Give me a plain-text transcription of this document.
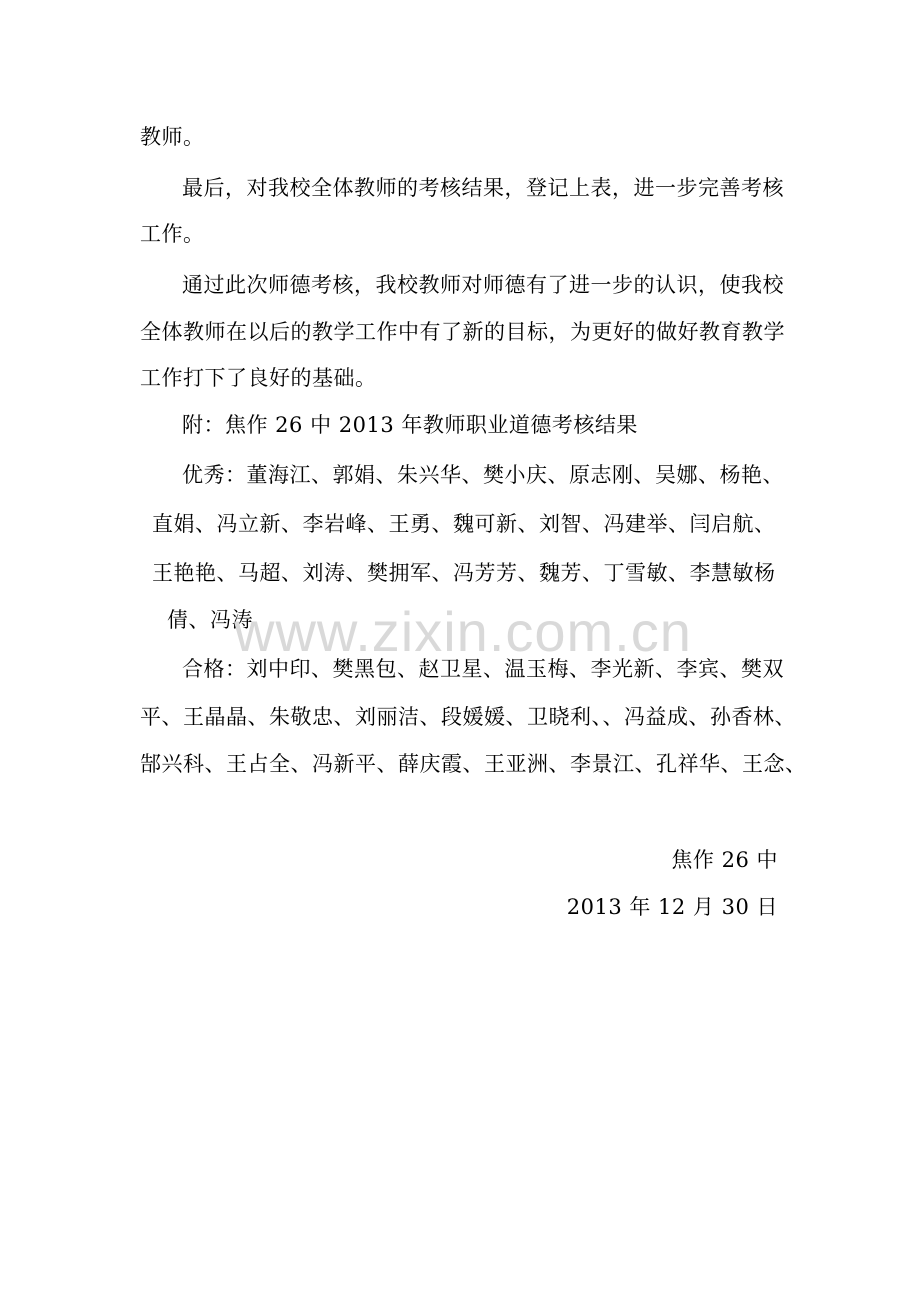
教师。
最后，对我校全体教师的考核结果，登记上表，进一步完善考核
工作。
通过此次师德考核，我校教师对师德有了进一步的认识，使我校
全体教师在以后的教学工作中有了新的目标，为更好的做好教育教学
工作打下了良好的基础。
附：焦作 26 中 2013 年教师职业道德考核结果
优秀：董海江、郭娟、朱兴华、樊小庆、原志刚、吴娜、杨艳、
直娟、冯立新、李岩峰、王勇、魏可新、刘智、冯建举、闫启航、
王艳艳、马超、刘涛、樊拥军、冯芳芳、魏芳、丁雪敏、李慧敏杨
倩、冯涛
合格：刘中印、樊黑包、赵卫星、温玉梅、李光新、李宾、樊双
平、王晶晶、朱敬忠、刘丽洁、段媛媛、卫晓利、、冯益成、孙香林、
郜兴科、王占全、冯新平、薛庆霞、王亚洲、李景江、孔祥华、王念、
焦作 26 中
2013 年 12 月 30 日
www.zixin.com.cn
